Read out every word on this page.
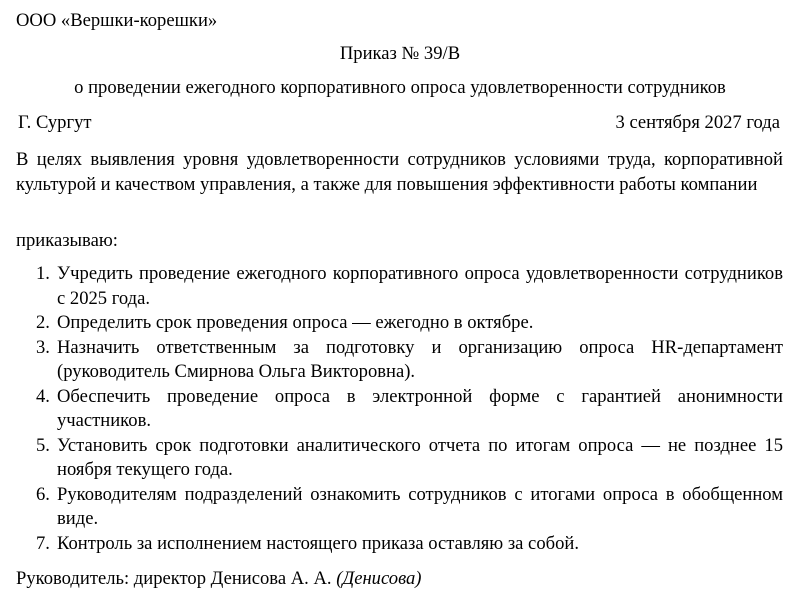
ООО «Вершки-корешки»
Приказ № 39/В
о проведении ежегодного корпоративного опроса удовлетворенности сотрудников
Г. Сургут	3 сентября 2027 года
В целях выявления уровня удовлетворенности сотрудников условиями труда, корпоративной культурой и качеством управления, а также для повышения эффективности работы компании
приказываю:
1. Учредить проведение ежегодного корпоративного опроса удовлетворенности сотрудников с 2025 года.
2. Определить срок проведения опроса — ежегодно в октябре.
3. Назначить ответственным за подготовку и организацию опроса HR-департамент (руководитель Смирнова Ольга Викторовна).
4. Обеспечить проведение опроса в электронной форме с гарантией анонимности участников.
5. Установить срок подготовки аналитического отчета по итогам опроса — не позднее 15 ноября текущего года.
6. Руководителям подразделений ознакомить сотрудников с итогами опроса в обобщенном виде.
7. Контроль за исполнением настоящего приказа оставляю за собой.
Руководитель: директор Денисова А. А. (Денисова)
